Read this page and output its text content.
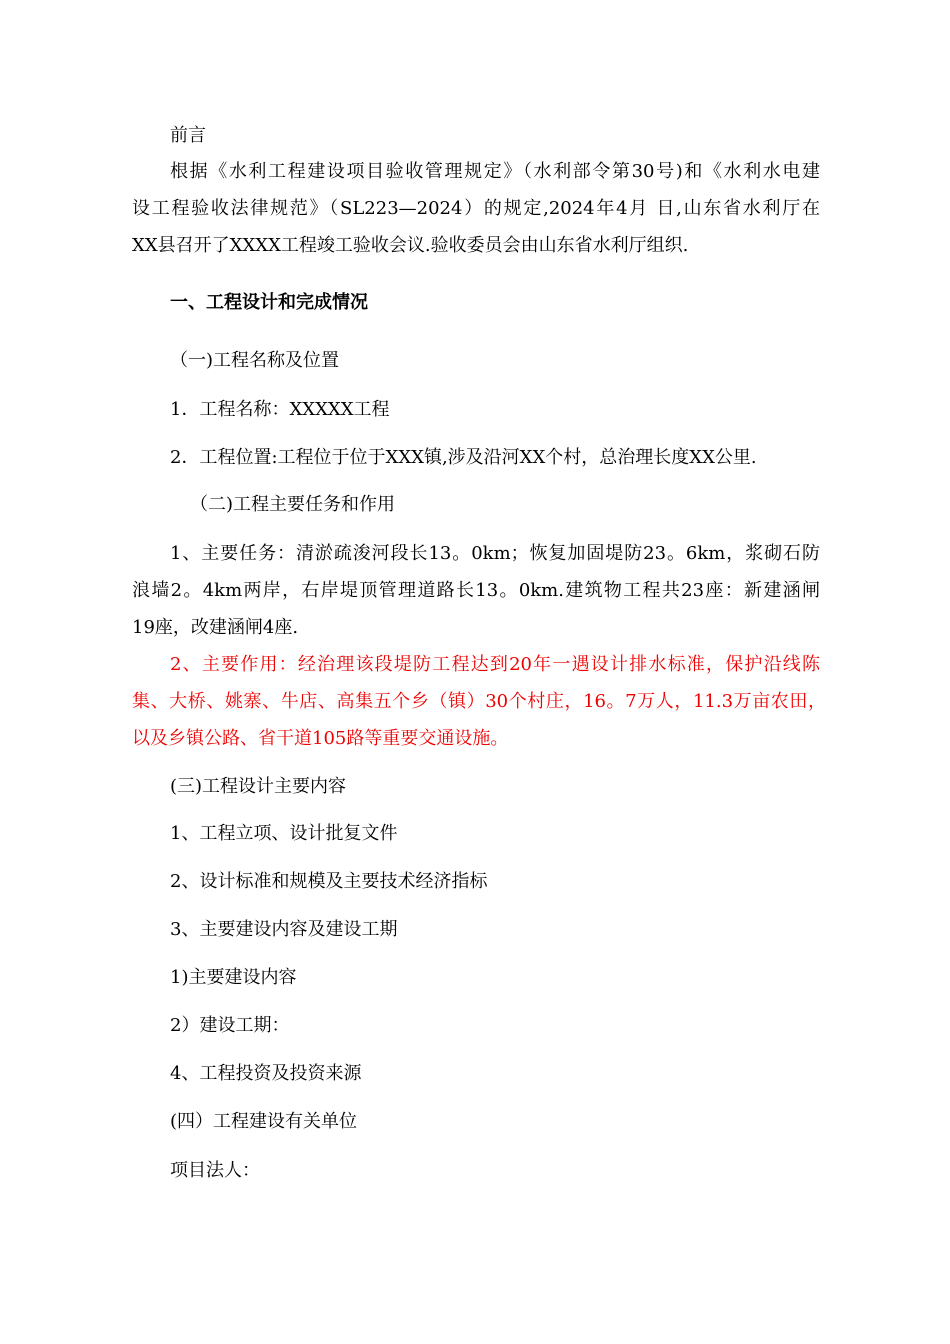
前言

根据《水利工程建设项目验收管理规定》（水利部令第30号)和《水利水电建

设工程验收法律规范》（SL223—2024）的规定,2024年4月 日,山东省水利厅在

XX县召开了XXXX工程竣工验收会议.验收委员会由山东省水利厅组织.

一、工程设计和完成情况

（一)工程名称及位置

1．工程名称：XXXXX工程

2．工程位置:工程位于位于XXX镇,涉及沿河XX个村，总治理长度XX公里.

（二)工程主要任务和作用

1、主要任务：清淤疏浚河段长13。0km；恢复加固堤防23。6km，浆砌石防

浪墙2。4km两岸，右岸堤顶管理道路长13。0km.建筑物工程共23座：新建涵闸

19座，改建涵闸4座.

2、主要作用：经治理该段堤防工程达到20年一遇设计排水标准，保护沿线陈

集、大桥、姚寨、牛店、高集五个乡（镇）30个村庄，16。7万人，11.3万亩农田，

以及乡镇公路、省干道105路等重要交通设施。

(三)工程设计主要内容

1、工程立项、设计批复文件

2、设计标准和规模及主要技术经济指标

3、主要建设内容及建设工期

1)主要建设内容

2）建设工期：

4、工程投资及投资来源

(四）工程建设有关单位

项目法人：
